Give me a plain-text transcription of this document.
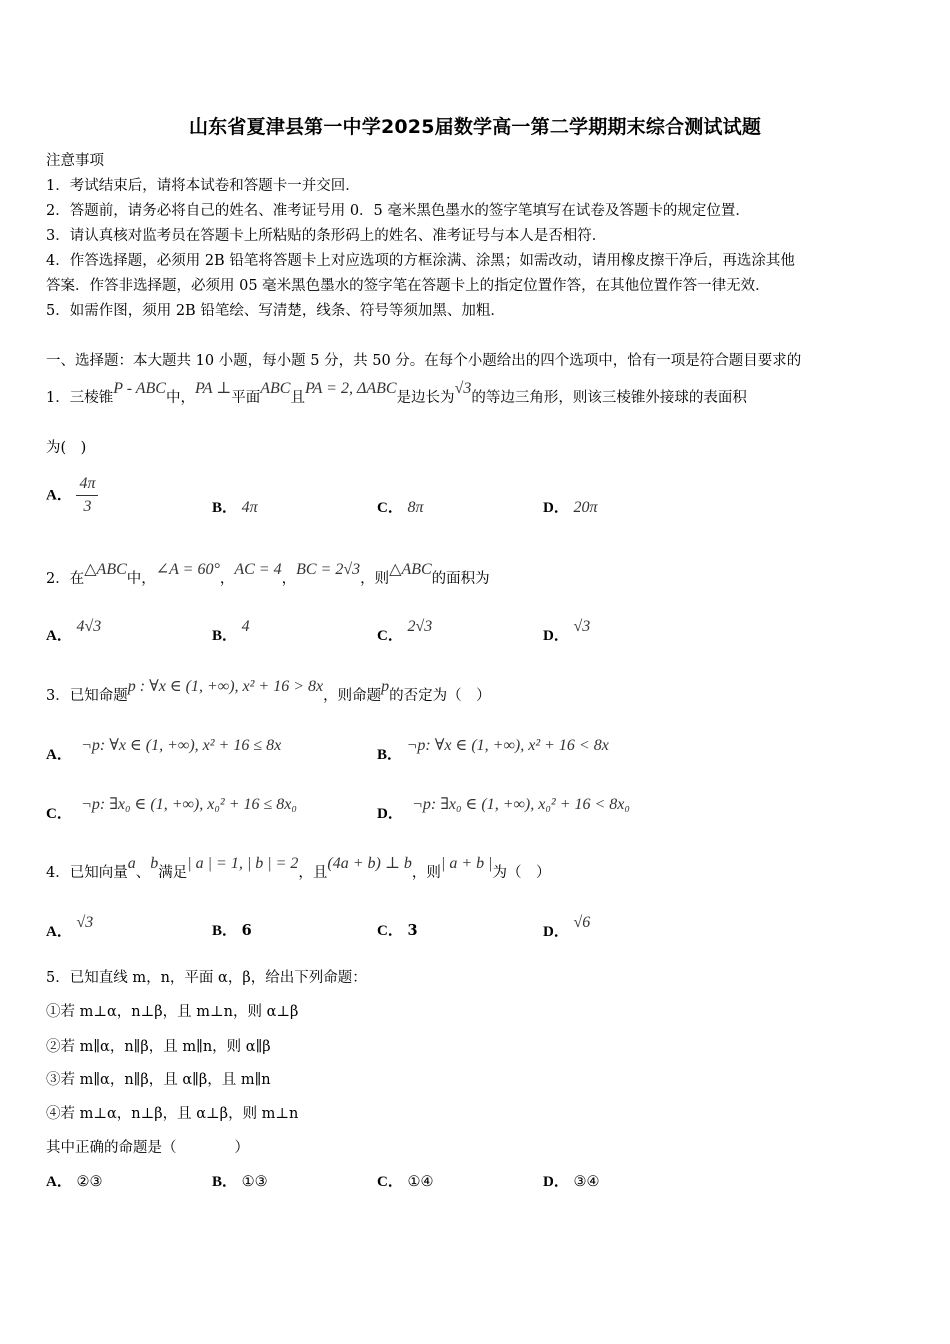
山东省夏津县第一中学2025届数学高一第二学期期末综合测试试题
注意事项
1．考试结束后，请将本试卷和答题卡一并交回．
2．答题前，请务必将自己的姓名、准考证号用 0．5 毫米黑色墨水的签字笔填写在试卷及答题卡的规定位置．
3．请认真核对监考员在答题卡上所粘贴的条形码上的姓名、准考证号与本人是否相符．
4．作答选择题，必须用 2B 铅笔将答题卡上对应选项的方框涂满、涂黑；如需改动，请用橡皮擦干净后，再选涂其他
答案．作答非选择题，必须用 05 毫米黑色墨水的签字笔在答题卡上的指定位置作答，在其他位置作答一律无效．
5．如需作图，须用 2B 铅笔绘、写清楚，线条、符号等须加黑、加粗．
一、选择题：本大题共 10 小题，每小题 5 分，共 50 分。在每个小题给出的四个选项中，恰有一项是符合题目要求的
1．三棱锥P - ABC中，PA ⊥平面ABC且PA = 2, ΔABC是边长为√3的等边三角形，则该三棱锥外接球的表面积
为(　)
A． $\frac{4\pi}{3}$	B． 4π	C． 8π	D． 20π
2．在△ABC中，∠A = 60°，AC = 4，BC = 2√3，则△ABC的面积为
A． 4√3
B． 4
C． 2√3
D． √3
3．已知命题p : ∀x ∈ (1, +∞), x² + 16 > 8x，则命题p的否定为（　）
A．  ¬p: ∀x ∈ (1, +∞), x² + 16 ≤ 8x
B． ¬p: ∀x ∈ (1, +∞), x² + 16 < 8x
C．  ¬p: ∃x₀ ∈ (1, +∞), x₀² + 16 ≤ 8x₀
D．  ¬p: ∃x₀ ∈ (1, +∞), x₀² + 16 < 8x₀
4．已知向量a、b满足| a | = 1, | b | = 2，且(4a + b) ⊥ b，则| a + b |为（　）
A． √3	B． 6	C． 3	D． √6
5．已知直线 m，n，平面 α，β，给出下列命题：
①若 m⊥α，n⊥β，且 m⊥n，则 α⊥β
②若 m∥α，n∥β，且 m∥n，则 α∥β
③若 m∥α，n∥β，且 α∥β，且 m∥n
④若 m⊥α，n⊥β，且 α⊥β，则 m⊥n
其中正确的命题是（　　　　）
A． ②③	B． ①③	C． ①④	D． ③④
